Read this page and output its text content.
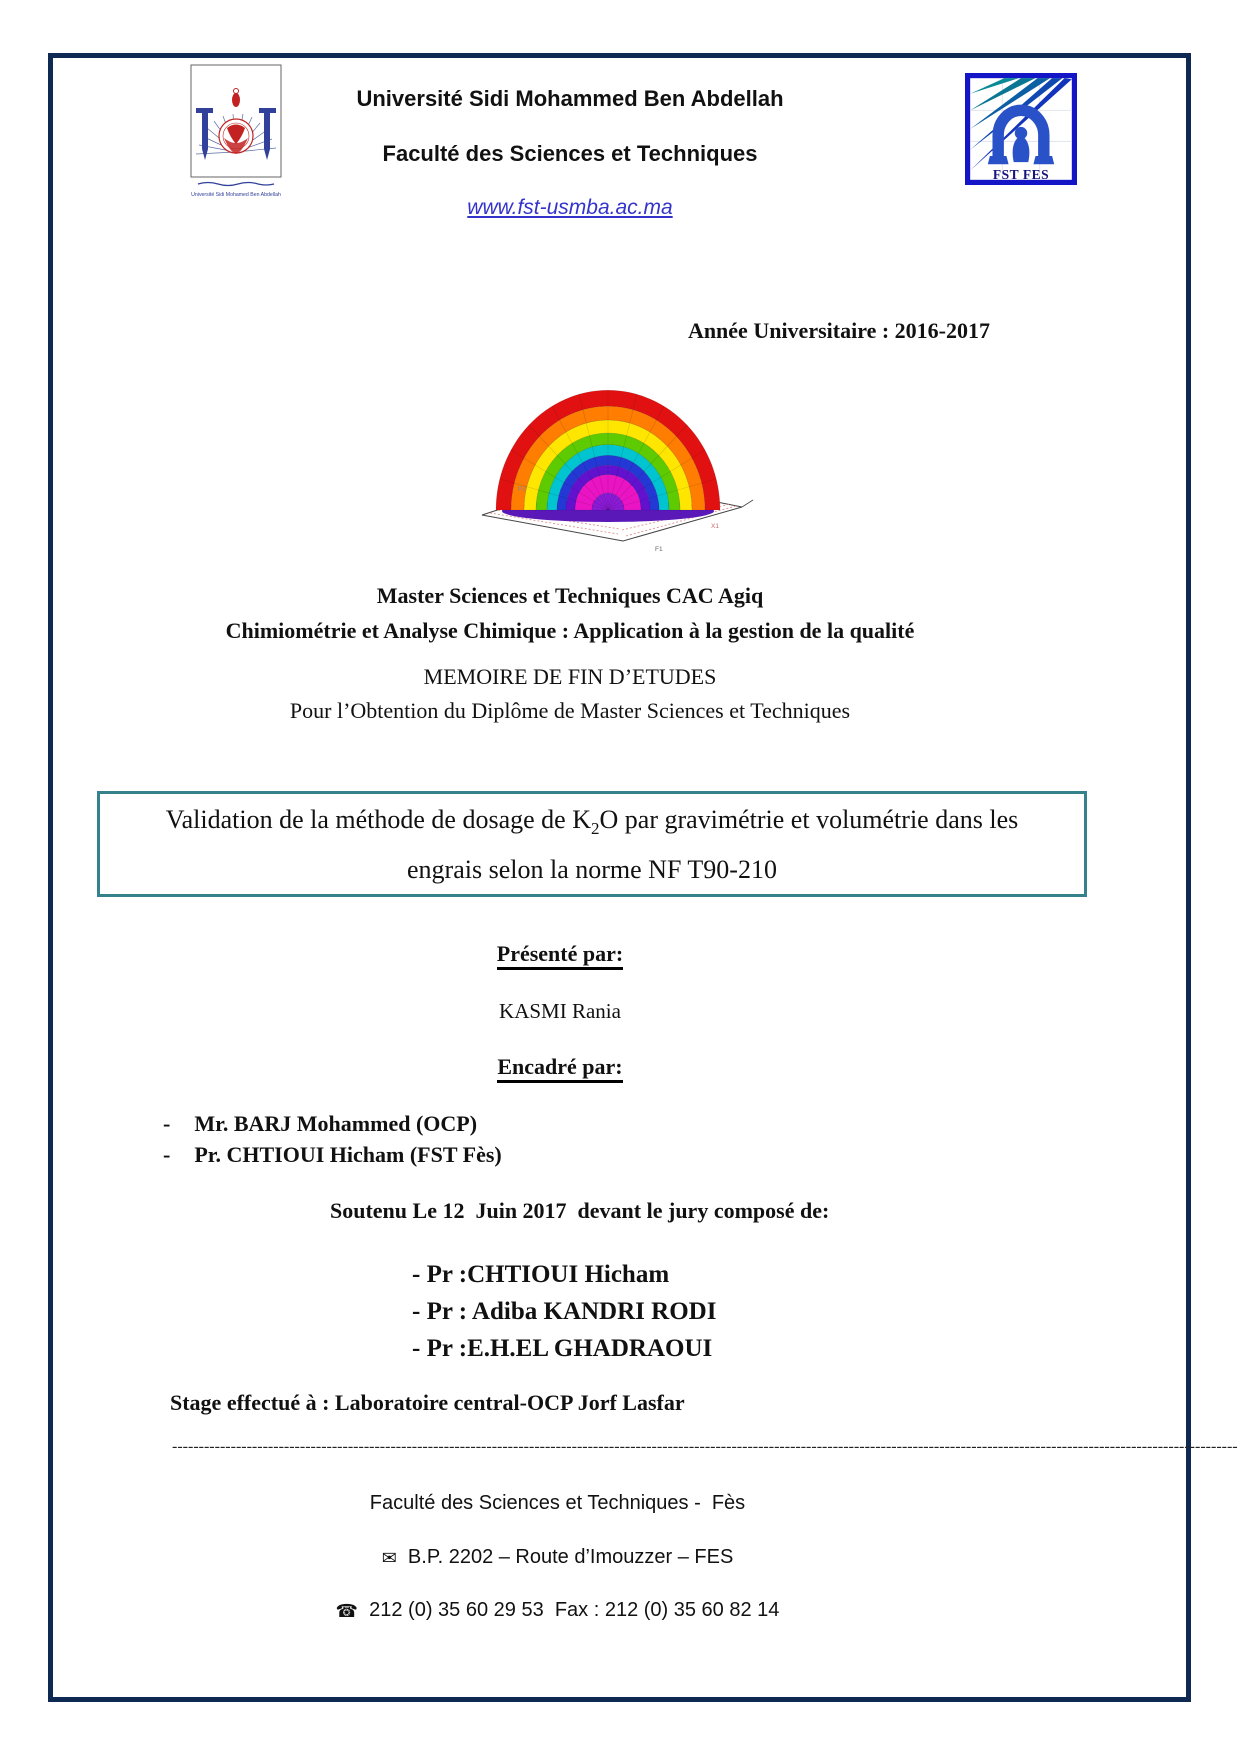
Université Sidi Mohamed Ben Abdellah
Université Sidi Mohammed Ben Abdellah
Faculté des Sciences et Techniques
www.fst-usmba.ac.ma
FST FES
Année Universitaire : 2016-2017
F2
F1
X1
Master Sciences et Techniques CAC Agiq
Chimiométrie et Analyse Chimique : Application à la gestion de la qualité
MEMOIRE DE FIN D’ETUDES
Pour l’Obtention du Diplôme de Master Sciences et Techniques
Validation de la méthode de dosage de $K_2O$ par gravimétrie et volumétrie dans les
engrais selon la norme NF T90-210
Présenté par:
KASMI Rania
Encadré par:
- Mr. BARJ Mohammed (OCP)
- Pr. CHTIOUI Hicham (FST Fès)
Soutenu Le 12  Juin 2017  devant le jury composé de:
- Pr :CHTIOUI Hicham
- Pr : Adiba KANDRI RODI
- Pr :E.H.EL GHADRAOUI
Stage effectué à : Laboratoire central-OCP Jorf Lasfar
--------------------------------------------------------------------------------------------------------------------------------------------------------------------------------------------------------
Faculté des Sciences et Techniques -  Fès
✉ B.P. 2202 – Route d’Imouzzer – FES
☎ 212 (0) 35 60 29 53  Fax : 212 (0) 35 60 82 14
